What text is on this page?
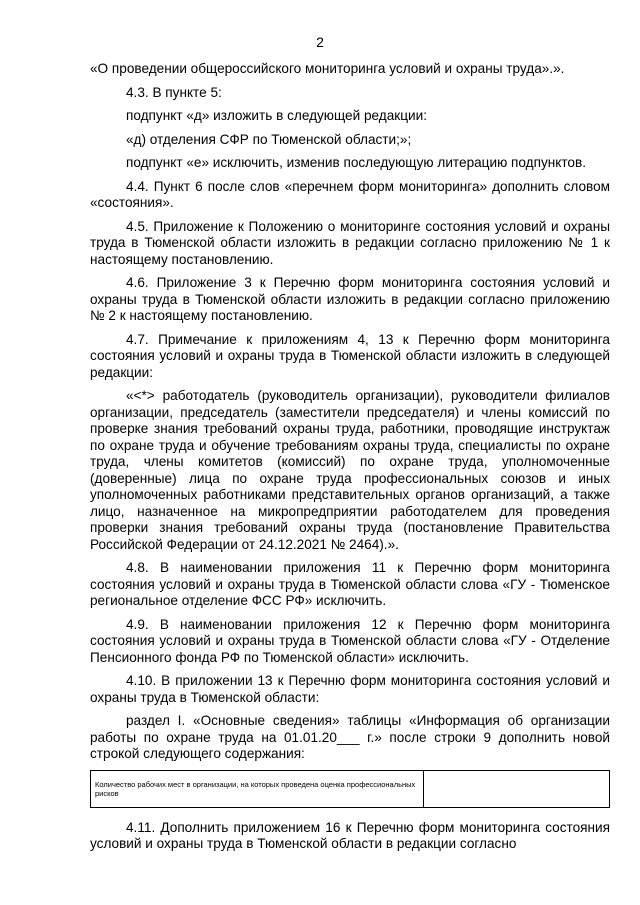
2

«О проведении общероссийского мониторинга условий и охраны труда».».

4.3. В пункте 5:

подпункт «д» изложить в следующей редакции:

«д) отделения СФР по Тюменской области;»;

подпункт «е» исключить, изменив последующую литерацию подпунктов.

4.4. Пункт 6 после слов «перечнем форм мониторинга» дополнить словом «состояния».

4.5. Приложение к Положению о мониторинге состояния условий и охраны труда в Тюменской области изложить в редакции согласно приложению № 1 к настоящему постановлению.

4.6. Приложение 3 к Перечню форм мониторинга состояния условий и охраны труда в Тюменской области изложить в редакции согласно приложению № 2 к настоящему постановлению.

4.7. Примечание к приложениям 4, 13 к Перечню форм мониторинга состояния условий и охраны труда в Тюменской области изложить в следующей редакции:

«<*> работодатель (руководитель организации), руководители филиалов организации, председатель (заместители председателя) и члены комиссий по проверке знания требований охраны труда, работники, проводящие инструктаж по охране труда и обучение требованиям охраны труда, специалисты по охране труда, члены комитетов (комиссий) по охране труда, уполномоченные (доверенные) лица по охране труда профессиональных союзов и иных уполномоченных работниками представительных органов организаций, а также лицо, назначенное на микропредприятии работодателем для проведения проверки знания требований охраны труда (постановление Правительства Российской Федерации от 24.12.2021 № 2464).».

4.8. В наименовании приложения 11 к Перечню форм мониторинга состояния условий и охраны труда в Тюменской области слова «ГУ - Тюменское региональное отделение ФСС РФ» исключить.

4.9. В наименовании приложения 12 к Перечню форм мониторинга состояния условий и охраны труда в Тюменской области слова «ГУ - Отделение Пенсионного фонда РФ по Тюменской области» исключить.

4.10. В приложении 13 к Перечню форм мониторинга состояния условий и охраны труда в Тюменской области:

раздел I. «Основные сведения» таблицы «Информация об организации работы по охране труда на 01.01.20___ г.» после строки 9 дополнить новой строкой следующего содержания:

Количество рабочих мест в организации, на которых проведена оценка профессиональных рисков	

4.11. Дополнить приложением 16 к Перечню форм мониторинга состояния условий и охраны труда в Тюменской области в редакции согласно
